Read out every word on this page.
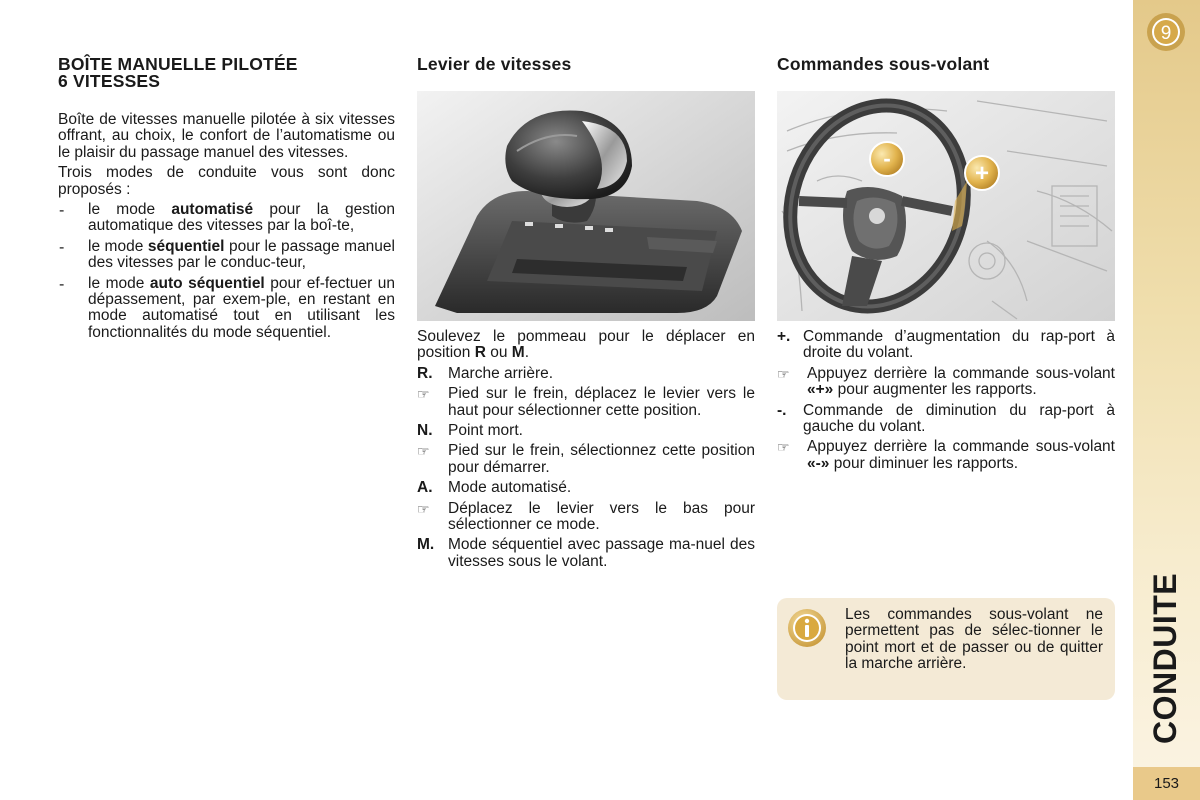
BOÎTE MANUELLE PILOTÉE
6 VITESSES

Boîte de vitesses manuelle pilotée à six vitesses offrant, au choix, le confort de l’automatisme ou le plaisir du passage manuel des vitesses.

Trois modes de conduite vous sont donc proposés :

-	le mode automatisé pour la gestion automatique des vitesses par la boî-te,
-	le mode séquentiel pour le passage manuel des vitesses par le conduc-teur,
-	le mode auto séquentiel pour ef-fectuer un dépassement, par exem-ple, en restant en mode automatisé tout en utilisant les fonctionnalités du mode séquentiel.
Levier de vitesses

Soulevez le pommeau pour le déplacer en position R ou M.

R.	Marche arrière.
☞	Pied sur le frein, déplacez le levier vers le haut pour sélectionner cette position.
N.	Point mort.
☞	Pied sur le frein, sélectionnez cette position pour démarrer.
A.	Mode automatisé.
☞	Déplacez le levier vers le bas pour sélectionner ce mode.
M. Mode séquentiel avec passage ma-nuel des vitesses sous le volant.
Commandes sous-volant
-
+
+. Commande d’augmentation du rap-port à droite du volant.
☞	Appuyez derrière la commande sous-volant «+» pour augmenter les rapports.
-.	Commande de diminution du rap-port à gauche du volant.
☞	Appuyez derrière la commande sous-volant «-» pour diminuer les rapports.

Les commandes sous-volant ne permettent pas de sélec-tionner le point mort et de passer ou de quitter la marche arrière.

9
CONDUITE
153
